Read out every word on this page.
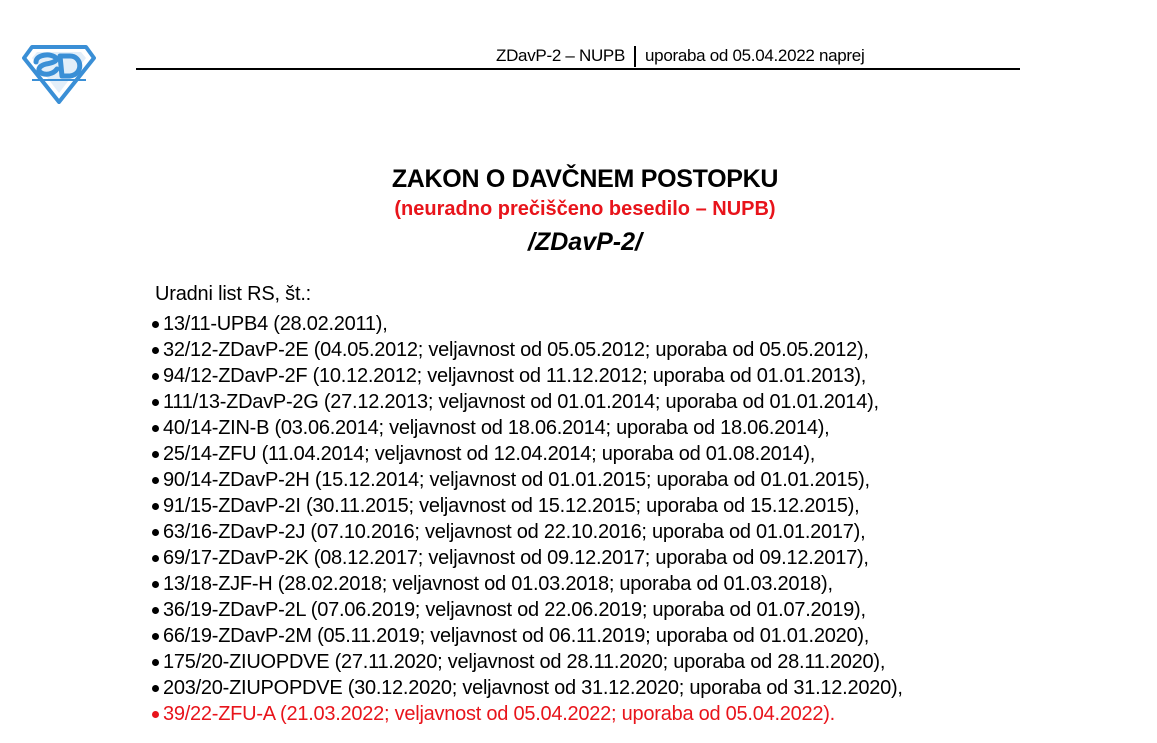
ZDavP-2 – NUPB uporaba od 05.04.2022 naprej
ZAKON O DAVČNEM POSTOPKU
(neuradno prečiščeno besedilo – NUPB)
/ZDavP-2/
Uradni list RS, št.:
13/11-UPB4 (28.02.2011),
32/12-ZDavP-2E (04.05.2012; veljavnost od 05.05.2012; uporaba od 05.05.2012),
94/12-ZDavP-2F (10.12.2012; veljavnost od 11.12.2012; uporaba od 01.01.2013),
111/13-ZDavP-2G (27.12.2013; veljavnost od 01.01.2014; uporaba od 01.01.2014),
40/14-ZIN-B (03.06.2014; veljavnost od 18.06.2014; uporaba od 18.06.2014),
25/14-ZFU (11.04.2014; veljavnost od 12.04.2014; uporaba od 01.08.2014),
90/14-ZDavP-2H (15.12.2014; veljavnost od 01.01.2015; uporaba od 01.01.2015),
91/15-ZDavP-2I (30.11.2015; veljavnost od 15.12.2015; uporaba od 15.12.2015),
63/16-ZDavP-2J (07.10.2016; veljavnost od 22.10.2016; uporaba od 01.01.2017),
69/17-ZDavP-2K (08.12.2017; veljavnost od 09.12.2017; uporaba od 09.12.2017),
13/18-ZJF-H (28.02.2018; veljavnost od 01.03.2018; uporaba od 01.03.2018),
36/19-ZDavP-2L (07.06.2019; veljavnost od 22.06.2019; uporaba od 01.07.2019),
66/19-ZDavP-2M (05.11.2019; veljavnost od 06.11.2019; uporaba od 01.01.2020),
175/20-ZIUOPDVE (27.11.2020; veljavnost od 28.11.2020; uporaba od 28.11.2020),
203/20-ZIUPOPDVE (30.12.2020; veljavnost od 31.12.2020; uporaba od 31.12.2020),
39/22-ZFU-A (21.03.2022; veljavnost od 05.04.2022; uporaba od 05.04.2022).
